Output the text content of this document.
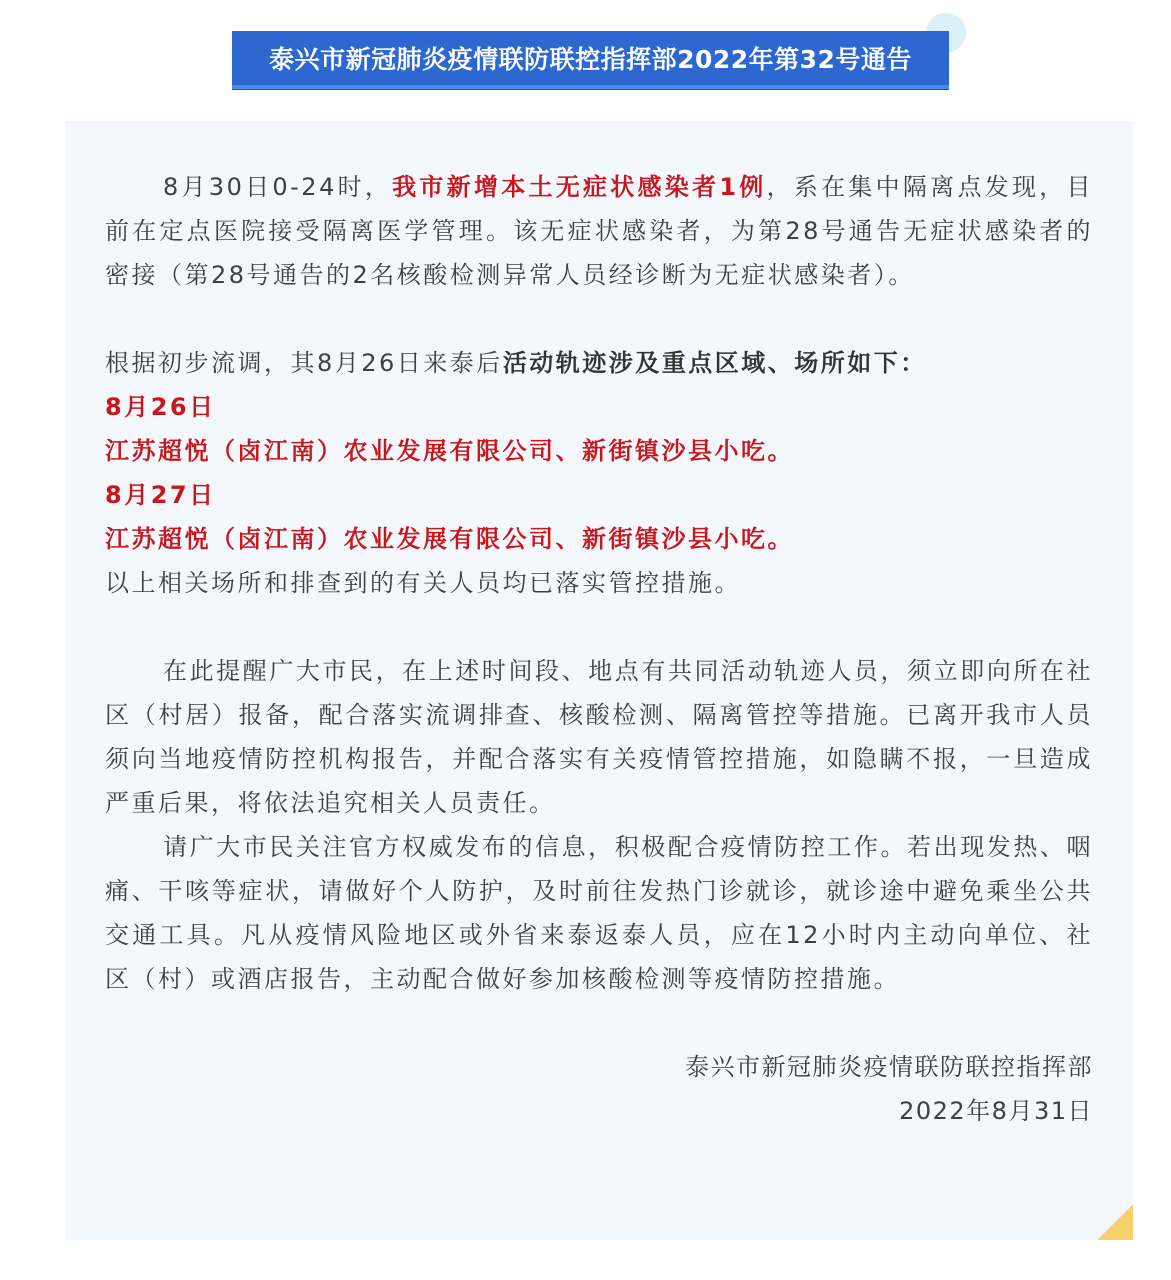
泰兴市新冠肺炎疫情联防联控指挥部2022年第32号通告

8月30日0-24时，我市新增本土无症状感染者1例，系在集中隔离点发现，目前在定点医院接受隔离医学管理。该无症状感染者，为第28号通告无症状感染者的密接（第28号通告的2名核酸检测异常人员经诊断为无症状感染者）。

根据初步流调，其8月26日来泰后活动轨迹涉及重点区域、场所如下：

8月26日

江苏超悦（卤江南）农业发展有限公司、新街镇沙县小吃。

8月27日

江苏超悦（卤江南）农业发展有限公司、新街镇沙县小吃。

以上相关场所和排查到的有关人员均已落实管控措施。

在此提醒广大市民，在上述时间段、地点有共同活动轨迹人员，须立即向所在社区（村居）报备，配合落实流调排查、核酸检测、隔离管控等措施。已离开我市人员须向当地疫情防控机构报告，并配合落实有关疫情管控措施，如隐瞒不报，一旦造成严重后果，将依法追究相关人员责任。

请广大市民关注官方权威发布的信息，积极配合疫情防控工作。若出现发热、咽痛、干咳等症状，请做好个人防护，及时前往发热门诊就诊，就诊途中避免乘坐公共交通工具。凡从疫情风险地区或外省来泰返泰人员，应在12小时内主动向单位、社区（村）或酒店报告，主动配合做好参加核酸检测等疫情防控措施。

泰兴市新冠肺炎疫情联防联控指挥部

2022年8月31日
